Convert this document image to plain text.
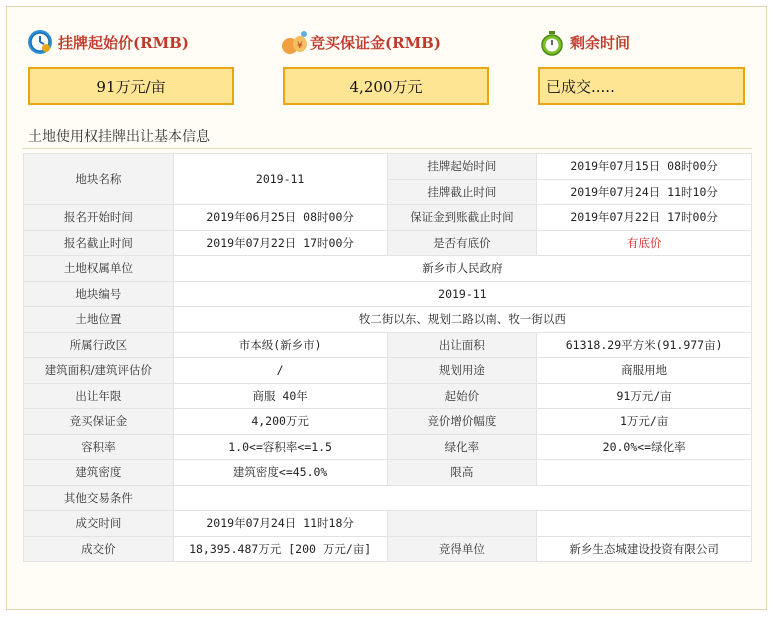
挂牌起始价(RMB)	¥ 竞买保证金(RMB)	剩余时间
91万元/亩	4,200万元	已成交.....
土地使用权挂牌出让基本信息
地块名称	2019-11	挂牌起始时间	2019年07月15日 08时00分
		挂牌截止时间	2019年07月24日 11时10分
报名开始时间	2019年06月25日 08时00分	保证金到账截止时间	2019年07月22日 17时00分
报名截止时间	2019年07月22日 17时00分	是否有底价	有底价
土地权属单位	新乡市人民政府		
地块编号	2019-11		
土地位置	牧二街以东、规划二路以南、牧一街以西		
所属行政区	市本级(新乡市)	出让面积	61318.29平方米(91.977亩)
建筑面积/建筑评估价	/	规划用途	商服用地
出让年限	商服 40年	起始价	91万元/亩
竞买保证金	4,200万元	竞价增价幅度	1万元/亩
容积率	1.0<=容积率<=1.5	绿化率	20.0%<=绿化率
建筑密度	建筑密度<=45.0%	限高	
其他交易条件			
成交时间	2019年07月24日 11时18分		
成交价	18,395.487万元 [200 万元/亩]	竞得单位	新乡生态城建设投资有限公司
